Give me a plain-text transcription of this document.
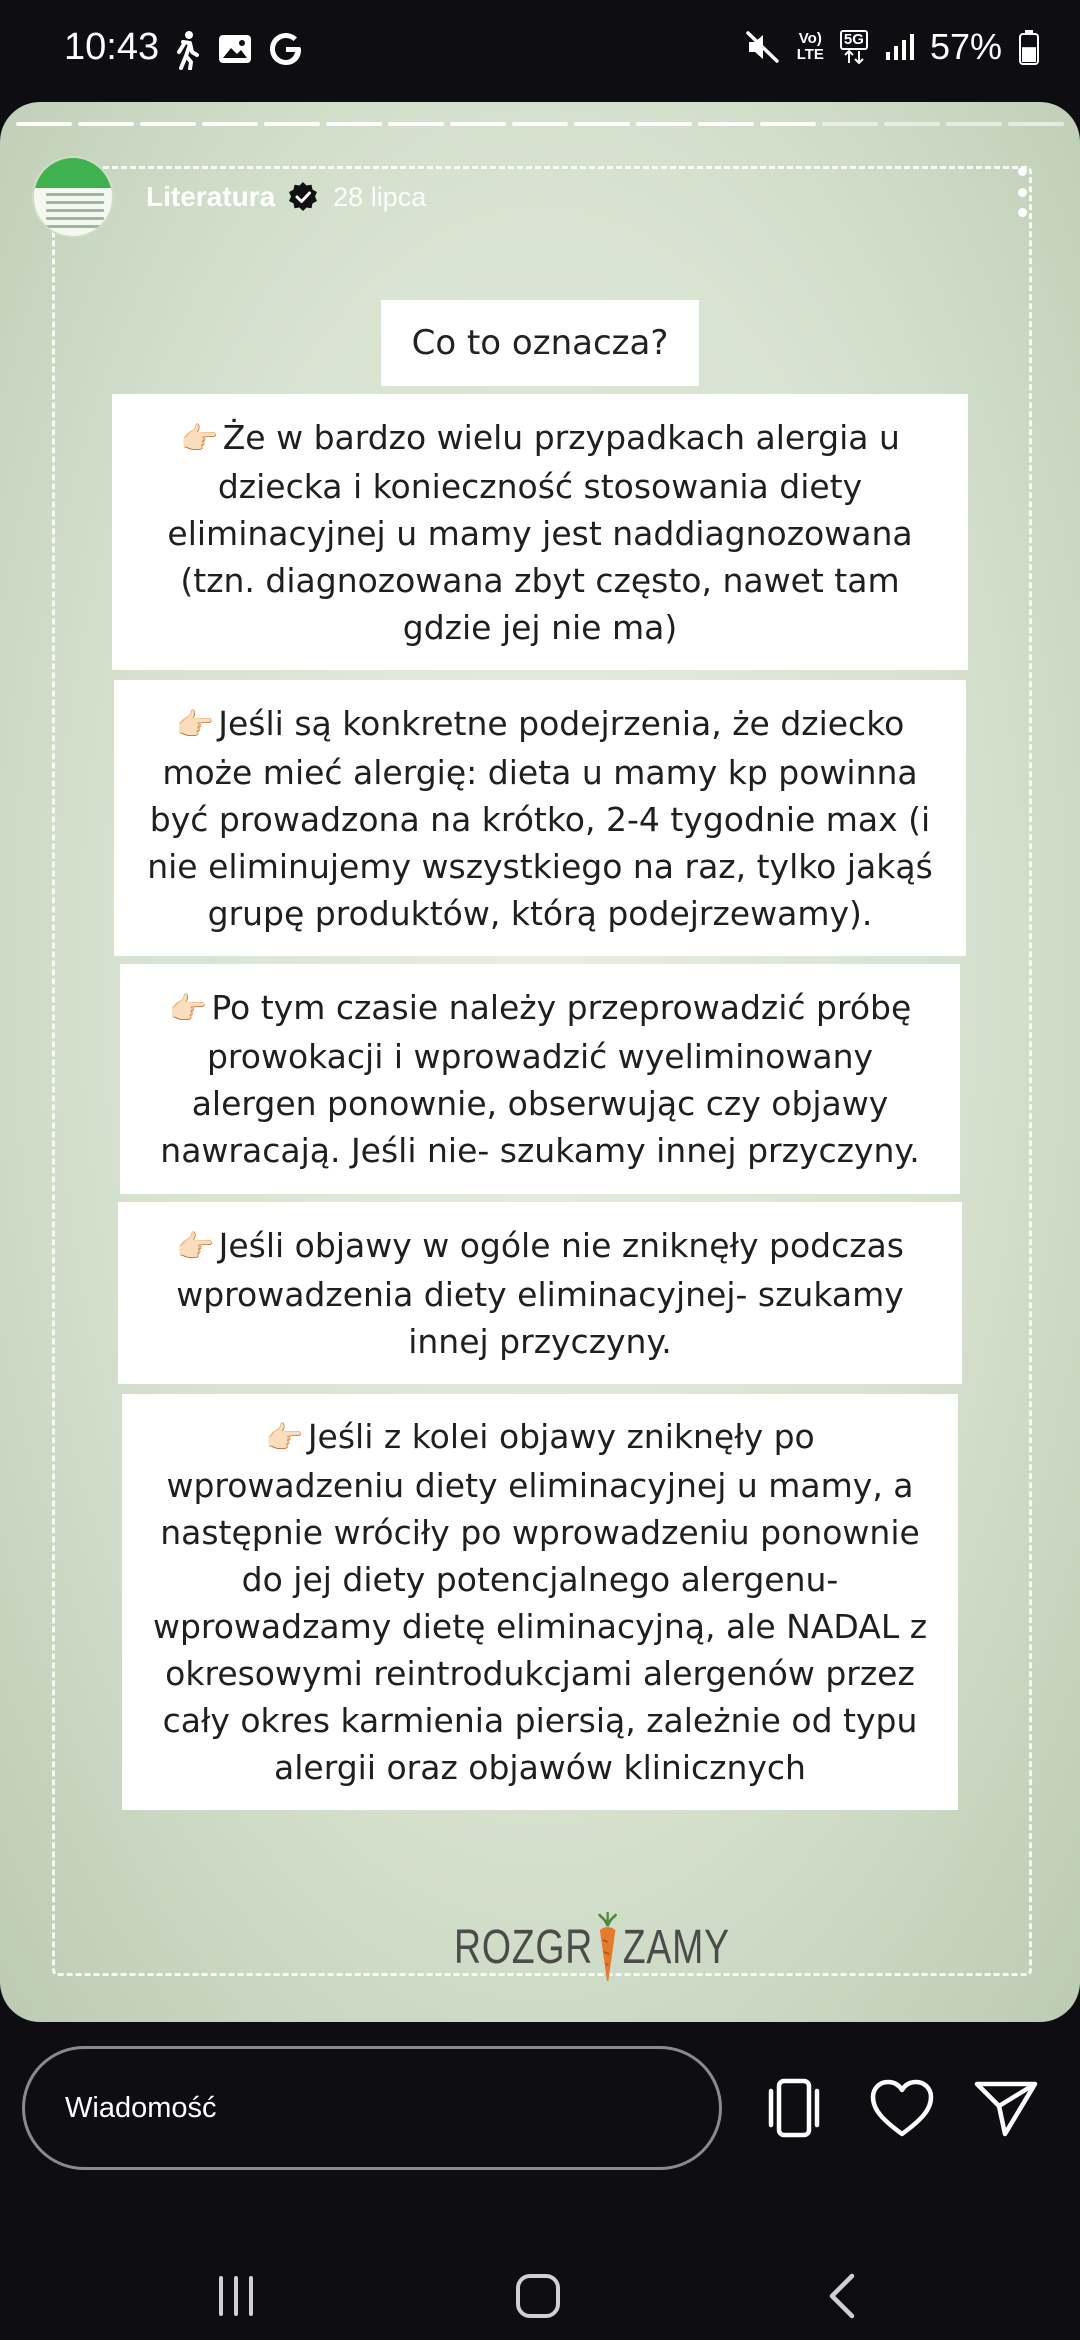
10:43	Vo)
LTE
5G 57%
Literatura 28 lipca
Co to oznacza?
👉🏻 Że w bardzo wielu przypadkach alergia u dziecka i konieczność stosowania diety eliminacyjnej u mamy jest naddiagnozowana (tzn. diagnozowana zbyt często, nawet tam gdzie jej nie ma)
👉🏻 Jeśli są konkretne podejrzenia, że dziecko może mieć alergię: dieta u mamy kp powinna być prowadzona na krótko, 2-4 tygodnie max (i nie eliminujemy wszystkiego na raz, tylko jakąś grupę produktów, którą podejrzewamy).
👉🏻 Po tym czasie należy przeprowadzić próbę prowokacji i wprowadzić wyeliminowany alergen ponownie, obserwując czy objawy nawracają. Jeśli nie- szukamy innej przyczyny.
👉🏻 Jeśli objawy w ogóle nie zniknęły podczas wprowadzenia diety eliminacyjnej- szukamy innej przyczyny.
👉🏻 Jeśli z kolei objawy zniknęły po wprowadzeniu diety eliminacyjnej u mamy, a następnie wróciły po wprowadzeniu ponownie do jej diety potencjalnego alergenu- wprowadzamy dietę eliminacyjną, ale NADAL z okresowymi reintrodukcjami alergenów przez cały okres karmienia piersią, zależnie od typu alergii oraz objawów klinicznych
ROZGR ZAMY
Wiadomość
